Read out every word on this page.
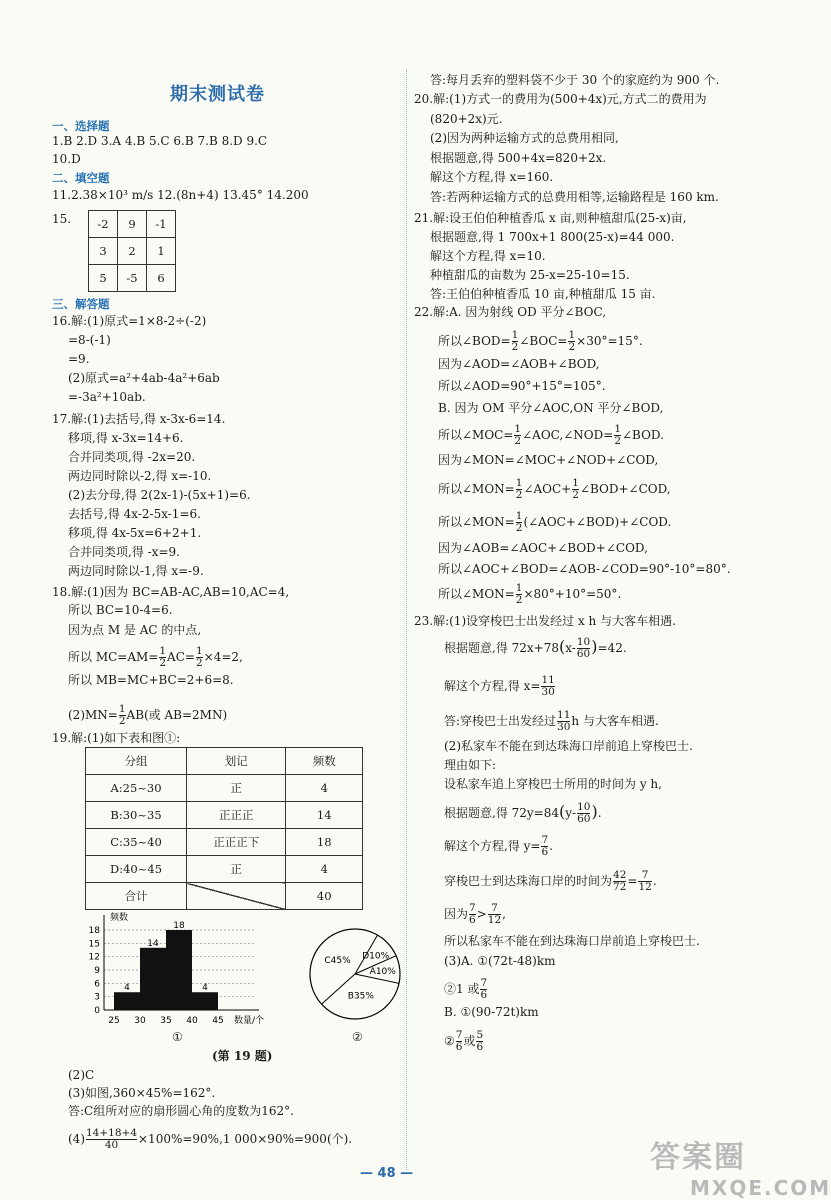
期末测试卷
一、选择题
1.B 2.D 3.A 4.B 5.C 6.B 7.B 8.D 9.C
10.D
二、填空题
11.2.38×10³ m/s 12.(8n+4) 13.45° 14.200
15. -2	9	-1
3	2	1
5	-5	6
三、解答题
16.解:(1)原式=1×8-2÷(-2)
=8-(-1)
=9.
(2)原式=a²+4ab-4a²+6ab
=-3a²+10ab.
17.解:(1)去括号,得 x-3x-6=14.
移项,得 x-3x=14+6.
合并同类项,得 -2x=20.
两边同时除以-2,得 x=-10.
(2)去分母,得 2(2x-1)-(5x+1)=6.
去括号,得 4x-2-5x-1=6.
移项,得 4x-5x=6+2+1.
合并同类项,得 -x=9.
两边同时除以-1,得 x=-9.
18.解:(1)因为 BC=AB-AC,AB=10,AC=4,
所以 BC=10-4=6.
因为点 M 是 AC 的中点,
所以 $MC=AM= \frac{1}{2} AC= \frac{1}{2} \times 4=2$,
所以 MB=MC+BC=2+6=8.
$(2)MN= \frac{1}{2} AB$(或 AB=2MN)
19.解:(1)如下表和图①:
分组	划记	频数
A:25~30	正	4
B:30~35	正正正	14
C:35~40	正正正下	18
D:40~45	正	4
合计		40
0
3
6
9
12
15
18
频数
数量/个
25 30 35 40 45
4
14
18
4
①
D10%
A10%
B35%
C45%
②
(第 19 题)
(2)C
(3)如图,360×45%=162°.
答:C组所对应的扇形圆心角的度数为162°.
$(4) \frac{14+18+4}{40} \times 100\%=90\%,1$ 000×90%=900(个).
答:每月丢弃的塑料袋不少于 30 个的家庭约为 900 个.
20.解:(1)方式一的费用为(500+4x)元,方式二的费用为
(820+2x)元.
(2)因为两种运输方式的总费用相同,
根据题意,得 500+4x=820+2x.
解这个方程,得 x=160.
答:若两种运输方式的总费用相等,运输路程是 160 km.
21.解:设王伯伯种植香瓜 x 亩,则种植甜瓜(25-x)亩,
根据题意,得 1 700x+1 800(25-x)=44 000.
解这个方程,得 x=10.
种植甜瓜的亩数为 25-x=25-10=15.
答:王伯伯种植香瓜 10 亩,种植甜瓜 15 亩.
22.解:A. 因为射线 OD 平分∠BOC,
所以∠BOD= $\frac{1}{2}$ ∠BOC= $\frac{1}{2} \times 30^\circ=15^\circ$.
因为∠AOD=∠AOB+∠BOD,
所以∠AOD=90°+15°=105°.
B. 因为 OM 平分∠AOC,ON 平分∠BOD,
所以∠MOC= $\frac{1}{2}$ ∠AOC,∠NOD= $\frac{1}{2}$ ∠BOD.
因为∠MON=∠MOC+∠NOD+∠COD,
所以∠MON= $\frac{1}{2}$ ∠AOC+ $\frac{1}{2}$ ∠BOD+∠COD,
所以∠MON= $\frac{1}{2}$ (∠AOC+∠BOD)+∠COD.
因为∠AOB=∠AOC+∠BOD+∠COD,
所以∠AOC+∠BOD=∠AOB-∠COD=90°-10°=80°.
所以∠MON= $\frac{1}{2} \times 80^\circ+10^\circ=50^\circ$.
23.解:(1)设穿梭巴士出发经过 x h 与大客车相遇.
根据题意,得 $72x+78(x- \frac{10}{60} )=42$.
解这个方程,得 $x= \frac{11}{30}$
答:穿梭巴士出发经过 $\frac{11}{30}$ h 与大客车相遇.
(2)私家车不能在到达珠海口岸前追上穿梭巴士.
理由如下:
设私家车追上穿梭巴士所用的时间为 y h,
根据题意,得 $72y=84(y- \frac{10}{60}$ ).
解这个方程,得 $y= \frac{7}{6}$ .
穿梭巴士到达珠海口岸的时间为 $\frac{42}{72} = \frac{7}{12}$ .
因为 $\frac{7}{6} > \frac{7}{12}$ ,
所以私家车不能在到达珠海口岸前追上穿梭巴士.
(3)A. ①(72t-48)km
②1 或 $\frac{7}{6}$
B. ①(90-72t)km
② $\frac{7}{6}$ 或 $\frac{5}{6}$
— 48 —	答案圈
MXQE.COM
